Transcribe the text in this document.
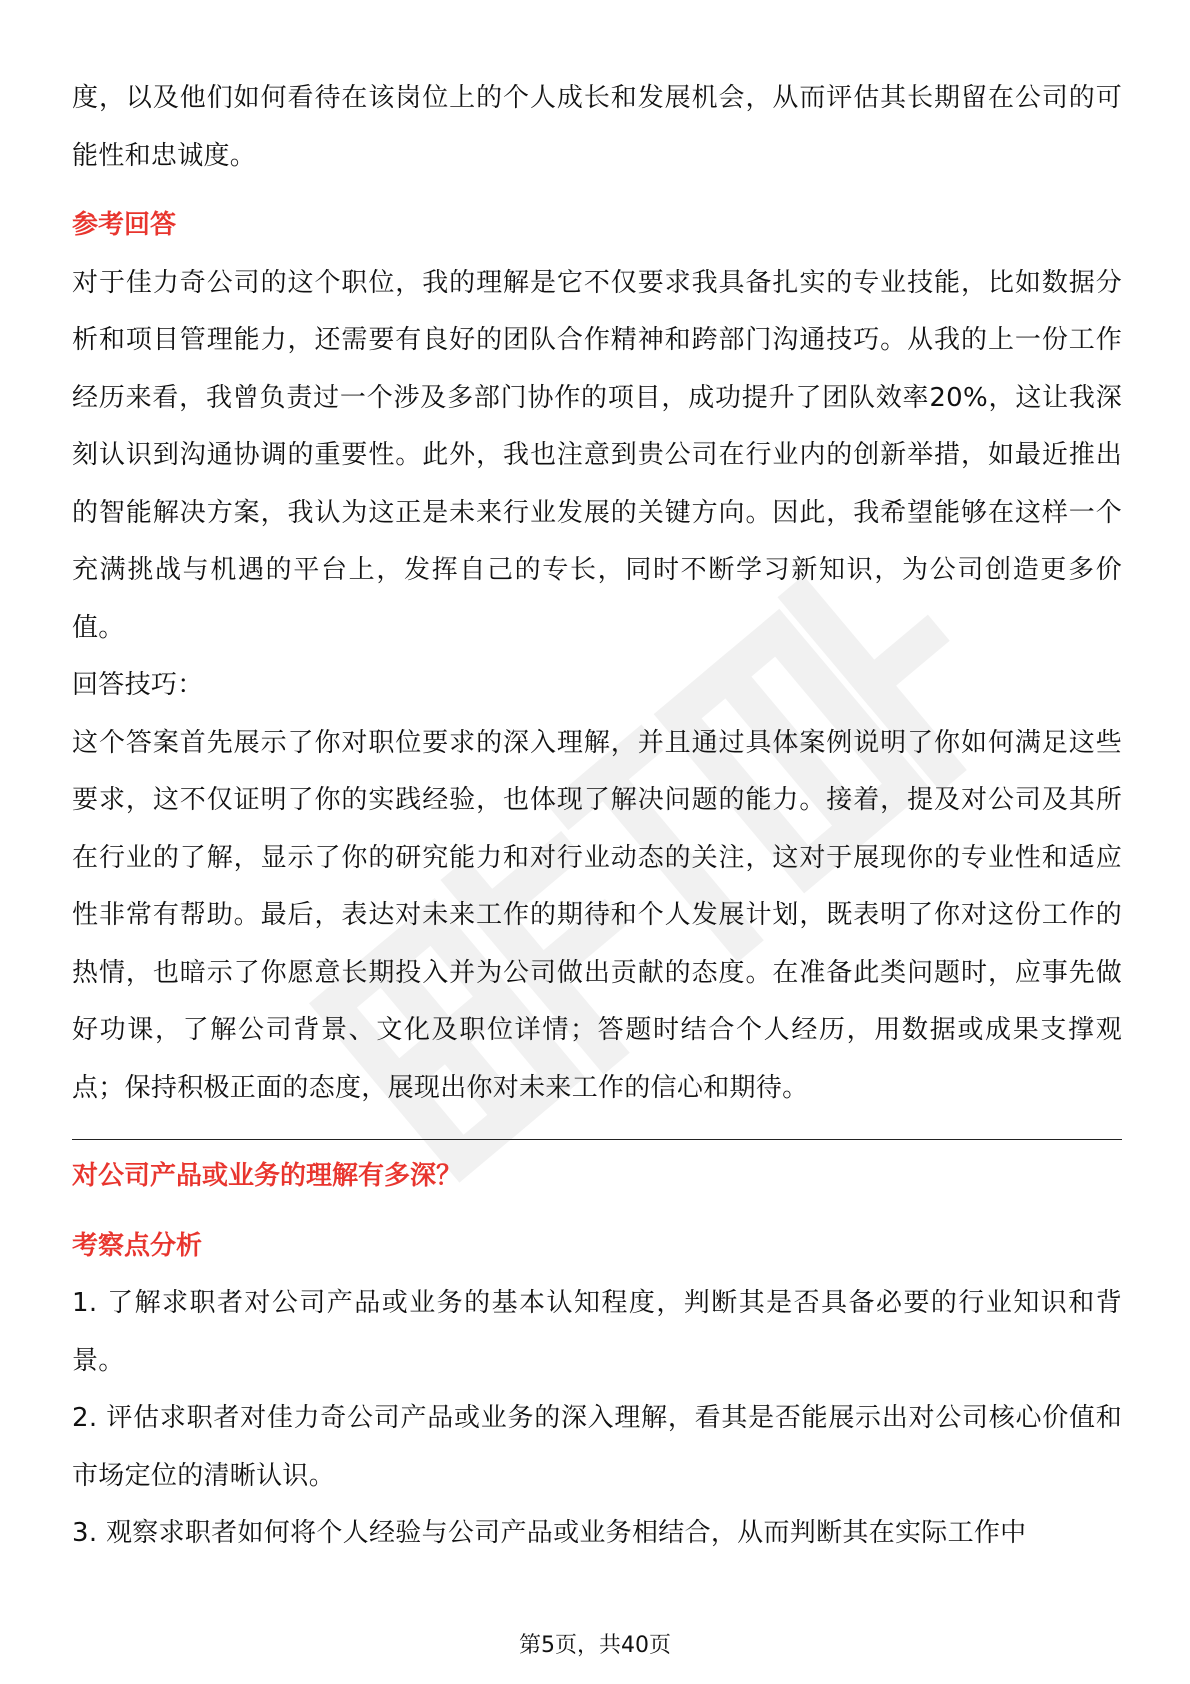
度，以及他们如何看待在该岗位上的个人成长和发展机会，从而评估其长期留在公司的可能性和忠诚度。

参考回答

对于佳力奇公司的这个职位，我的理解是它不仅要求我具备扎实的专业技能，比如数据分析和项目管理能力，还需要有良好的团队合作精神和跨部门沟通技巧。从我的上一份工作经历来看，我曾负责过一个涉及多部门协作的项目，成功提升了团队效率20%，这让我深刻认识到沟通协调的重要性。此外，我也注意到贵公司在行业内的创新举措，如最近推出的智能解决方案，我认为这正是未来行业发展的关键方向。因此，我希望能够在这样一个充满挑战与机遇的平台上，发挥自己的专长，同时不断学习新知识，为公司创造更多价值。

回答技巧：

这个答案首先展示了你对职位要求的深入理解，并且通过具体案例说明了你如何满足这些要求，这不仅证明了你的实践经验，也体现了解决问题的能力。接着，提及对公司及其所在行业的了解，显示了你的研究能力和对行业动态的关注，这对于展现你的专业性和适应性非常有帮助。最后，表达对未来工作的期待和个人发展计划，既表明了你对这份工作的热情，也暗示了你愿意长期投入并为公司做出贡献的态度。在准备此类问题时，应事先做好功课，了解公司背景、文化及职位详情；答题时结合个人经历，用数据或成果支撑观点；保持积极正面的态度，展现出你对未来工作的信心和期待。

对公司产品或业务的理解有多深？

考察点分析

1. 了解求职者对公司产品或业务的基本认知程度，判断其是否具备必要的行业知识和背景。

2. 评估求职者对佳力奇公司产品或业务的深入理解，看其是否能展示出对公司核心价值和市场定位的清晰认识。

3. 观察求职者如何将个人经验与公司产品或业务相结合，从而判断其在实际工作中

第5页，共40页
